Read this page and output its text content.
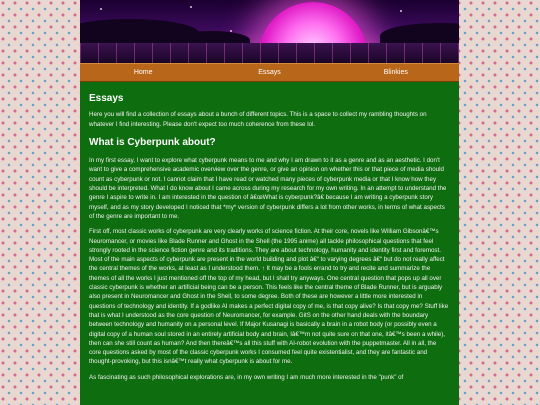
Home	Essays	Blinkies
Essays

Here you will find a collection of essays about a bunch of different topics. This is a space to collect my rambling thoughts on whatever I find interesting. Please don't expect too much coherence from these lol.

What is Cyberpunk about?

In my first essay, I want to explore what cyberpunk means to me and why I am drawn to it as a genre and as an aesthetic. I don't want to give a comprehensive academic overview over the genre, or give an opinion on whether this or that piece of media should count as cyberpunk or not. I cannot claim that I have read or watched many pieces of cyberpunk media or that I know how they should be interpreted. What I do know about I came across during my research for my own writing. In an attempt to understand the genre I aspire to write in. I am interested in the question of â€œWhat is cyberpunk?â€ because I am writing a cyberpunk story myself, and as my story developed I noticed that *my* version of cyberpunk differs a lot from other works, in terms of what aspects of the genre are important to me.

First off, most classic works of cyberpunk are very clearly works of science fiction. At their core, novels like William Gibsonâ€™s Neuromancer, or movies like Blade Runner and Ghost in the Shell (the 1995 anime) all tackle philosophical questions that feel strongly rooted in the science fiction genre and its traditions. They are about technology, humanity and identity first and foremost. Most of the main aspects of cyberpunk are present in the world building and plot â€“ to varying degrees â€“ but do not really affect the central themes of the works, at least as I understood them. ↑ It may be a fools errand to try and recite and summarize the themes of all the works I just mentioned off the top of my head, but I shall try anyways. One central question that pops up all over classic cyberpunk is whether an artificial being can be a person. This feels like the central theme of Blade Runner, but is arguably also present in Neuromancer and Ghost in the Shell, to some degree. Both of these are however a little more interested in questions of technology and identity. If a godlike AI makes a perfect digital copy of me, is that copy alive? Is that copy me? Stuff like that is what I understood as the core question of Neuromancer, for example. GitS on the other hand deals with the boundary between technology and humanity on a personal level. If Major Kusanagi is basically a brain in a robot body (or possibly even a digital copy of a human soul stored in an entirely artificial body and brain, Iâ€™m not quite sure on that one, itâ€™s been a while), then can she still count as human? And then thereâ€™s all this stuff with AI-robot evolution with the puppetmaster. All in all, the core questions asked by most of the classic cyberpunk works I consumed feel quite existentialist, and they are fantastic and thought-provoking, but this isnâ€™t really what cyberpunk is about for me.

As fascinating as such philosophical explorations are, in my own writing I am much more interested in the "punk" of
